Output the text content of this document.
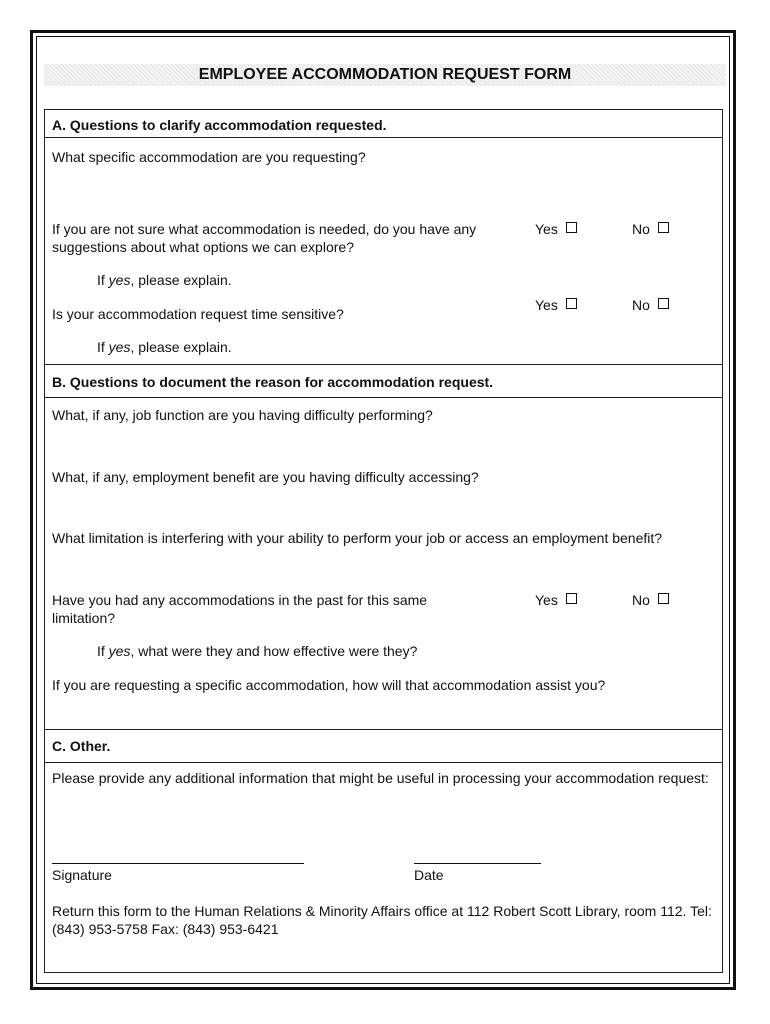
EMPLOYEE ACCOMMODATION REQUEST FORM
A. Questions to clarify accommodation requested.
What specific accommodation are you requesting?
If you are not sure what accommodation is needed, do you have any suggestions about what options we can explore?
Yes	No
If yes, please explain.
Is your accommodation request time sensitive?
Yes	No
If yes, please explain.
B. Questions to document the reason for accommodation request.
What, if any, job function are you having difficulty performing?
What, if any, employment benefit are you having difficulty accessing?
What limitation is interfering with your ability to perform your job or access an employment benefit?
Have you had any accommodations in the past for this same limitation?
Yes	No
If yes, what were they and how effective were they?
If you are requesting a specific accommodation, how will that accommodation assist you?
C. Other.
Please provide any additional information that might be useful in processing your accommodation request:
Signature	Date
Return this form to the Human Relations & Minority Affairs office at 112 Robert Scott Library, room 112. Tel: (843) 953-5758 Fax: (843) 953-6421
